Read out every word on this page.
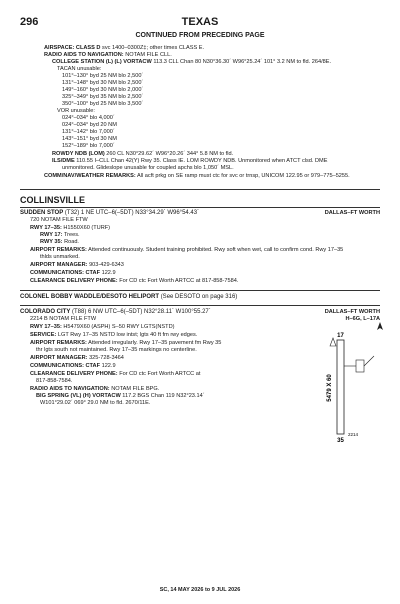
296	TEXAS
CONTINUED FROM PRECEDING PAGE
AIRSPACE: CLASS D svc 1400–0300Z‡; other times CLASS E.
RADIO AIDS TO NAVIGATION: NOTAM FILE CLL.
COLLEGE STATION (L) (L) VORTACW 113.3 CLL Chan 80 N30°36.30´ W96°25.24´ 101° 3.2 NM to fld. 264/8E.
TACAN unusable:
101°–130° byd 25 NM blo 2,500´
131°–148° byd 30 NM blo 2,500´
149°–160° byd 30 NM blo 2,000´
325°–349° byd 35 NM blo 2,500´
350°–100° byd 25 NM blo 3,500´
VOR unusable:
024°–034° blo 4,000´
024°–034° byd 20 NM
131°–142° blo 7,000´
143°–151° byd 30 NM
152°–189° blo 7,000´
ROWDY NDB (LOM) 260 CL N30°29.62´ W96°20.26´ 344° 5.8 NM to fld.
ILS/DME 110.55 I–CLL Chan 42(Y) Rwy 35. Class IE. LOM ROWDY NDB. Unmonitored when ATCT clsd. DME
unmonitored. Glideslope unusable for coupled apchs blo 1,050´ MSL.
COMM/NAV/WEATHER REMARKS: All acft prkg on SE ramp must ctc for svc or trnsp, UNICOM 122.95 or 979–775–5255.
COLLINSVILLE
SUDDEN STOP (T32) 1 NE UTC–6(–5DT) N33°34.29´ W96°54.43´	DALLAS–FT WORTH
720 NOTAM FILE FTW
RWY 17–35: H1550X60 (TURF)
RWY 17: Trees.
RWY 35: Road.
AIRPORT REMARKS: Attended continuously. Student training prohibited. Rwy soft when wet, call to confirm cond. Rwy 17–35
thlds unmarked.
AIRPORT MANAGER: 903-429-6343
COMMUNICATIONS: CTAF 122.9
CLEARANCE DELIVERY PHONE: For CD ctc Fort Worth ARTCC at 817-858-7584.
COLONEL BOBBY WADDLE/DESOTO HELIPORT (See DESOTO on page 316)
COLORADO CITY (T88) 6 NW UTC–6(–5DT) N32°28.11´ W100°55.27´	DALLAS–FT WORTH
H–6G, L–17A
2214 B NOTAM FILE FTW
RWY 17–35: H5479X60 (ASPH) S–50 RWY LGTS(NSTD)
SERVICE: LGT Rwy 17–35 NSTD low intst; lgts 40 ft fm rwy edges.
AIRPORT REMARKS: Attended irregularly. Rwy 17–35 pavement fm Rwy 35
thr lgts south not maintained. Rwy 17–35 markings no centerline.
AIRPORT MANAGER: 325-728-3464
COMMUNICATIONS: CTAF 122.9
CLEARANCE DELIVERY PHONE: For CD ctc Fort Worth ARTCC at
817-858-7584.
RADIO AIDS TO NAVIGATION: NOTAM FILE BPG.
BIG SPRING (VL) (H) VORTACW 117.2 BGS Chan 119 N32°23.14´
W101°29.02´ 069° 29.0 NM to fld. 2670/11E.
17
35
5479 X 60
2214
SC, 14 MAY 2026 to 9 JUL 2026
